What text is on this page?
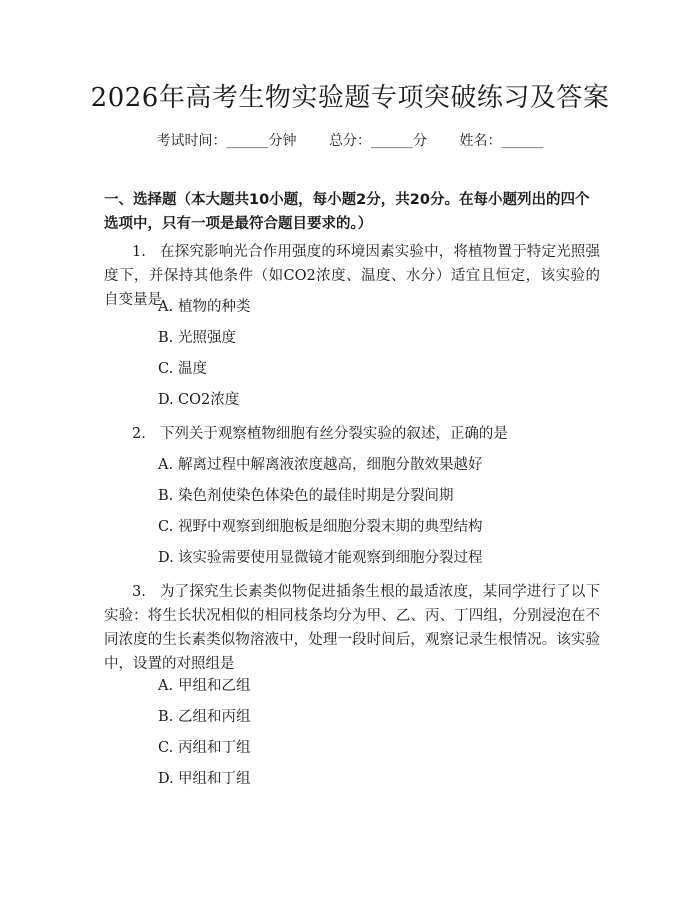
2026年高考生物实验题专项突破练习及答案
考试时间：______分钟 总分：______分 姓名：______
一、选择题（本大题共10小题，每小题2分，共20分。在每小题列出的四个选项中，只有一项是最符合题目要求的。）
1. 在探究影响光合作用强度的环境因素实验中，将植物置于特定光照强度下，并保持其他条件（如CO2浓度、温度、水分）适宜且恒定，该实验的自变量是
A. 植物的种类
B. 光照强度
C. 温度
D. CO2浓度
2. 下列关于观察植物细胞有丝分裂实验的叙述，正确的是
A. 解离过程中解离液浓度越高，细胞分散效果越好
B. 染色剂使染色体染色的最佳时期是分裂间期
C. 视野中观察到细胞板是细胞分裂末期的典型结构
D. 该实验需要使用显微镜才能观察到细胞分裂过程
3. 为了探究生长素类似物促进插条生根的最适浓度，某同学进行了以下实验：将生长状况相似的相同枝条均分为甲、乙、丙、丁四组，分别浸泡在不同浓度的生长素类似物溶液中，处理一段时间后，观察记录生根情况。该实验中，设置的对照组是
A. 甲组和乙组
B. 乙组和丙组
C. 丙组和丁组
D. 甲组和丁组
